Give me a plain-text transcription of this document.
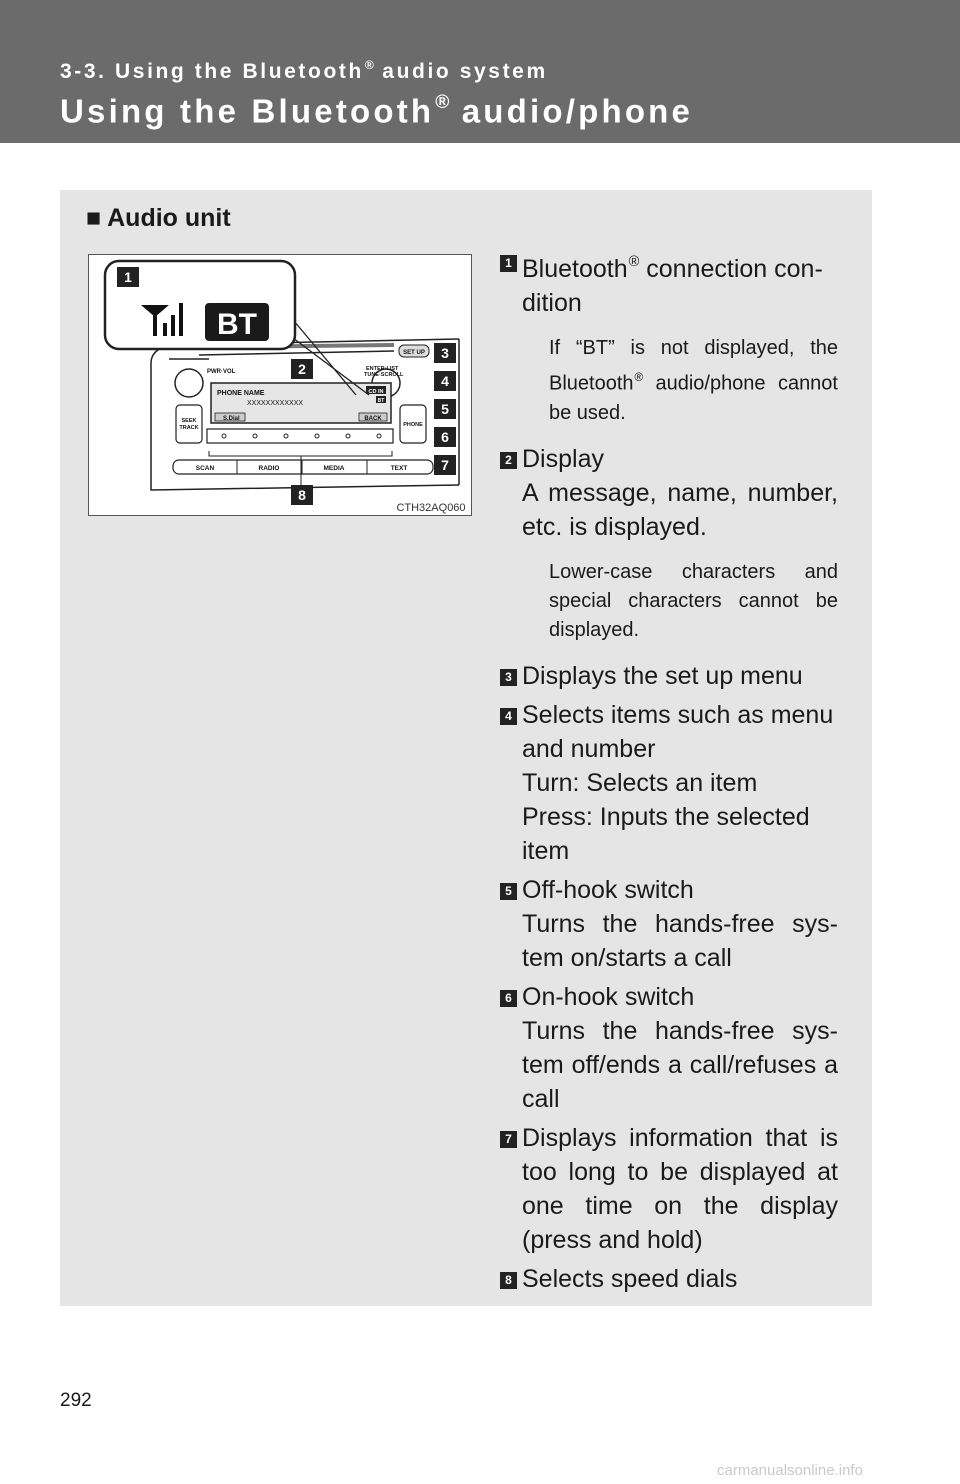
3-3. Using the Bluetooth® audio system
Using the Bluetooth® audio/phone
■ Audio unit
SET UP
PWR·VOL	ENTER·LIST
TUNE·SCROLL
PHONE NAME
XXXXXXXXXXXX
S.Dial	BACK
CD IN
BT
SEEK
TRACK	PHONE
SCAN	RADIO	MEDIA	TEXT
BT
1
2
3
4
5
6
7
8
CTH32AQ060
1 Bluetooth® connection con-
dition
If “BT” is not displayed, the Bluetooth® audio/phone cannot be used.
2 Display
A message, name, number, etc. is displayed.
Lower-case characters and special characters cannot be displayed.
3 Displays the set up menu
4 Selects items such as menu and number
Turn: Selects an item
Press: Inputs the selected item
5 Off-hook switch
Turns the hands-free sys-tem on/starts a call
6 On-hook switch
Turns the hands-free sys-tem off/ends a call/refuses a call
7 Displays information that is too long to be displayed at one time on the display (press and hold)
8 Selects speed dials
292
carmanualsonline.info
